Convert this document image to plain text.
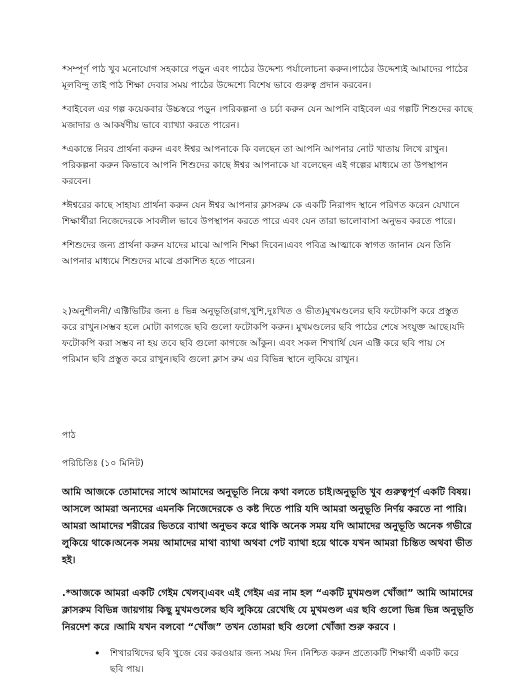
*সম্পূর্ণ পাঠ খুব মনোযোগ সহকারে পড়ুন এবং পাঠের উদ্দেশ্য পর্যালোচনা করুন।পাঠের উদ্দেশ্যই আমাদের পাঠের মূলবিন্দু তাই পাঠ শিক্ষা দেবার সময় পাঠের উদ্দেশ্যে বিশেষ ভাবে গুরুত্ব প্রদান করবেন।

*বাইবেল এর গল্প কয়েকবার উচ্চস্বরে পড়ুন ।পরিকল্পনা ও চর্চা করুন যেন আপনি বাইবেল এর গল্পটি শিশুদের কাছে মজাদার ও আকর্ষণীয় ভাবে ব্যাখ্যা করতে পারেন।

*একান্তে নিরব প্রার্থনা করুন এবং ঈশ্বর আপনাকে কি বলছেন তা আপনি আপনার নোট খাতায় লিখে রাখুন।পরিকল্পনা করুন কিভাবে আপনি শিশুদের কাছে ঈশ্বর আপনাকে যা বলেছেন এই গল্পের মাধ্যমে তা উপস্থাপন করবেন।

*ঈশ্বরের কাছে সাহায্য প্রার্থনা করুন যেন ঈশ্বর আপনার ক্লাসরুম কে একটি নিরাপদ স্থানে পরিণত করেন যেখানে শিক্ষার্থীরা নিজেদেরকে সাবলীল ভাবে উপস্থাপন করতে পারে এবং যেন তারা ভালোবাসা অনুভব করতে পারে।

*শিশুদের জন্য প্রার্থনা করুন যাদের মাঝে আপনি শিক্ষা দিবেন।এবং পবিত্র আত্মাকে স্বাগত জানান যেন তিনি আপনার মাধ্যমে শিশুদের মাঝে প্রকাশিত হতে পারেন।

২)অনুশীলনী/ এক্টিভিটির জন্য ৪ ভিন্ন অনুভূতি(রাগ,খুশি,দুঃখিত ও ভীত)মুখমণ্ডলের ছবি ফটোকপি করে প্রস্তুত করে রাখুন।সম্ভব হলে মোটা কাগজে ছবি গুলো ফটোকপি করুন। মুখমণ্ডলের ছবি পাঠের শেষে সংযুক্ত আছে।যদি ফটোকপি করা সম্ভব না হয় তবে ছবি গুলো কাগজে আঁকুন। এবং সকল শিখার্থি যেন এক্টি করে ছবি পায় সে পরিমান ছবি প্রস্তুত করে রাখুন।ছবি গুলো ক্লাস রুম এর বিভিন্ন স্থানে লুকিয়ে রাখুন।

পাঠ

পরিচিতিঃ (১০ মিনিট)

আমি আজকে তোমাদের সাথে আমাদের অনুভূতি নিয়ে কথা বলতে চাই।অনুভূতি খুব গুরুত্বপূর্ণ একটি বিষয়।আসলে আমরা অন্যদের এমনকি নিজেদেরকে ও কষ্ট দিতে পারি যদি আমরা অনুভূতি নির্ণয় করতে না পারি।আমরা আমাদের শরীরের ভিতরে ব্যাথা অনুভব করে থাকি অনেক সময় যদি আমাদের অনুভূতি অনেক গভীরে লুকিয়ে থাকে।অনেক সময় আমাদের মাথা ব্যাথা অথবা পেট ব্যাথা হয়ে থাকে যখন আমরা চিন্তিত অথবা ভীত হই।

.*আজকে আমরা একটি গেইম খেলব্।এবং এই গেইম এর নাম হল “একটি মুখমণ্ডল খোঁজা” আমি আমাদের ক্লাসরুম বিভিন্ন জায়গায় কিছু মুখমণ্ডলের ছবি লুকিয়ে রেখেছি যে মুখমণ্ডল এর ছবি গুলো ভিন্ন ভিন্ন অনুভূতি নিরদেশ করে ।আমি যখন বলবো “খোঁজ” তখন তোমরা ছবি গুলো খোঁজা শুরু করবে ।

• শিখারথিদের ছবি খুজে বের করওয়ার জন্য সময় দিন ।নিশ্চিত করুন প্রত্যেকটি শিক্ষার্থী একটি করে ছবি পায়।
